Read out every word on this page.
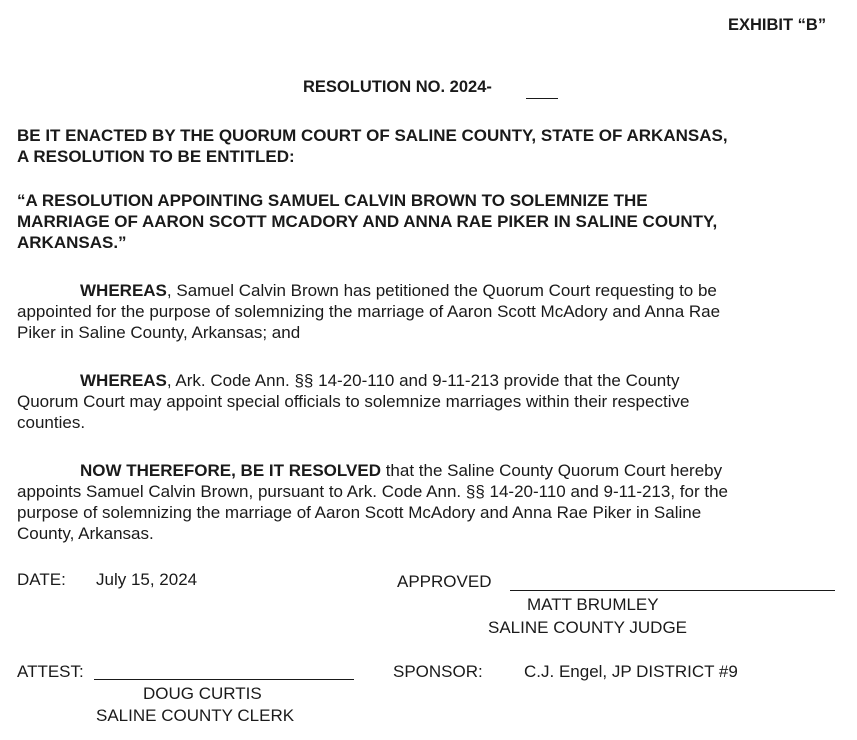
EXHIBIT “B”
RESOLUTION NO. 2024-
BE IT ENACTED BY THE QUORUM COURT OF SALINE COUNTY, STATE OF ARKANSAS,
A RESOLUTION TO BE ENTITLED:
“A RESOLUTION APPOINTING SAMUEL CALVIN BROWN TO SOLEMNIZE THE
MARRIAGE OF AARON SCOTT MCADORY AND ANNA RAE PIKER IN SALINE COUNTY,
ARKANSAS.”
WHEREAS, Samuel Calvin Brown has petitioned the Quorum Court requesting to be
appointed for the purpose of solemnizing the marriage of Aaron Scott McAdory and Anna Rae
Piker in Saline County, Arkansas; and
WHEREAS, Ark. Code Ann. §§ 14-20-110 and 9-11-213 provide that the County
Quorum Court may appoint special officials to solemnize marriages within their respective
counties.
NOW THEREFORE, BE IT RESOLVED that the Saline County Quorum Court hereby
appoints Samuel Calvin Brown, pursuant to Ark. Code Ann. §§ 14-20-110 and 9-11-213, for the
purpose of solemnizing the marriage of Aaron Scott McAdory and Anna Rae Piker in Saline
County, Arkansas.
DATE: July 15, 2024	APPROVED
MATT BRUMLEY
SALINE COUNTY JUDGE
ATTEST:
DOUG CURTIS
SALINE COUNTY CLERK
SPONSOR: C.J. Engel, JP DISTRICT #9
